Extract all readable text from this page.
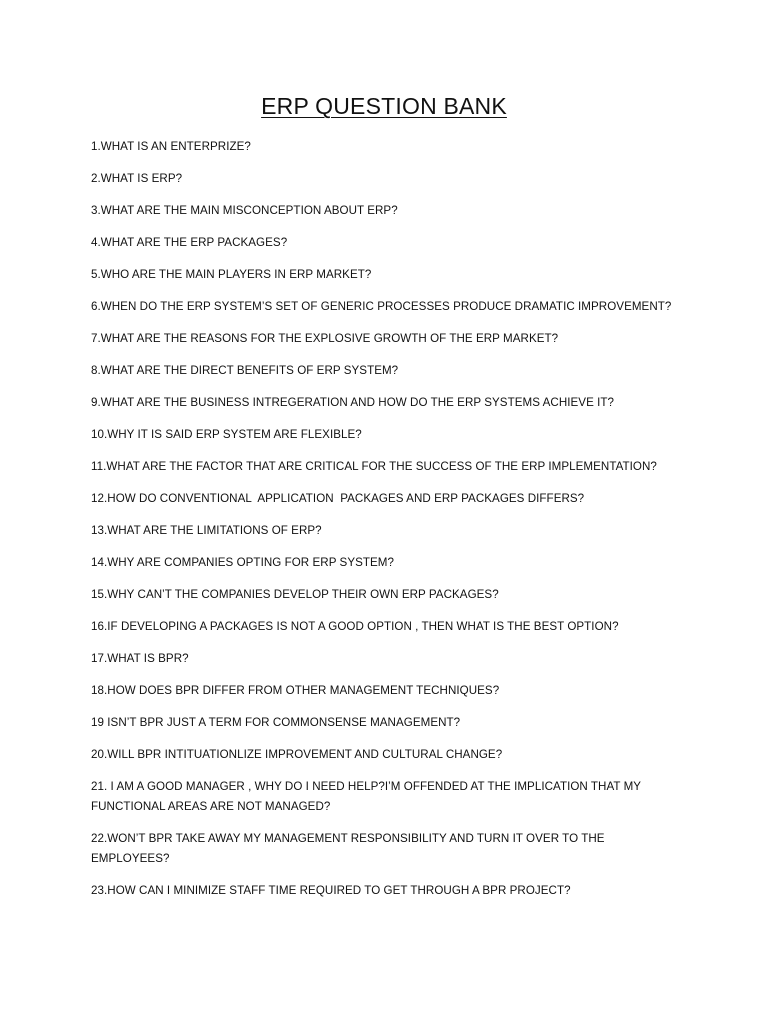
ERP QUESTION BANK
1.WHAT IS AN ENTERPRIZE?
2.WHAT IS ERP?
3.WHAT ARE THE MAIN MISCONCEPTION ABOUT ERP?
4.WHAT ARE THE ERP PACKAGES?
5.WHO ARE THE MAIN PLAYERS IN ERP MARKET?
6.WHEN DO THE ERP SYSTEM’S SET OF GENERIC PROCESSES PRODUCE DRAMATIC IMPROVEMENT?
7.WHAT ARE THE REASONS FOR THE EXPLOSIVE GROWTH OF THE ERP MARKET?
8.WHAT ARE THE DIRECT BENEFITS OF ERP SYSTEM?
9.WHAT ARE THE BUSINESS INTREGERATION AND HOW DO THE ERP SYSTEMS ACHIEVE IT?
10.WHY IT IS SAID ERP SYSTEM ARE FLEXIBLE?
11.WHAT ARE THE FACTOR THAT ARE CRITICAL FOR THE SUCCESS OF THE ERP IMPLEMENTATION?
12.HOW DO CONVENTIONAL  APPLICATION  PACKAGES AND ERP PACKAGES DIFFERS?
13.WHAT ARE THE LIMITATIONS OF ERP?
14.WHY ARE COMPANIES OPTING FOR ERP SYSTEM?
15.WHY CAN’T THE COMPANIES DEVELOP THEIR OWN ERP PACKAGES?
16.IF DEVELOPING A PACKAGES IS NOT A GOOD OPTION , THEN WHAT IS THE BEST OPTION?
17.WHAT IS BPR?
18.HOW DOES BPR DIFFER FROM OTHER MANAGEMENT TECHNIQUES?
19 ISN’T BPR JUST A TERM FOR COMMONSENSE MANAGEMENT?
20.WILL BPR INTITUATIONLIZE IMPROVEMENT AND CULTURAL CHANGE?
21. I AM A GOOD MANAGER , WHY DO I NEED HELP?I’M OFFENDED AT THE IMPLICATION THAT MY FUNCTIONAL AREAS ARE NOT MANAGED?
22.WON’T BPR TAKE AWAY MY MANAGEMENT RESPONSIBILITY AND TURN IT OVER TO THE EMPLOYEES?
23.HOW CAN I MINIMIZE STAFF TIME REQUIRED TO GET THROUGH A BPR PROJECT?
